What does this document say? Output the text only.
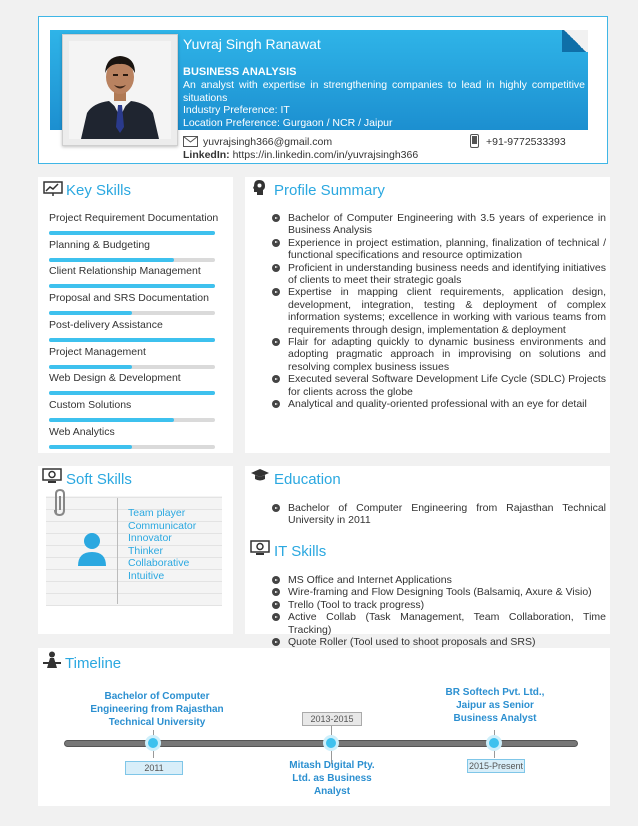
Yuvraj Singh Ranawat
BUSINESS ANALYSIS
An analyst with expertise in strengthening companies to lead in highly competitive situations
Industry Preference: IT
Location Preference: Gurgaon / NCR / Jaipur
yuvrajsingh366@gmail.com	+91-9772533393
LinkedIn: https://in.linkedin.com/in/yuvrajsingh366
Key Skills
Project Requirement Documentation
Planning & Budgeting
Client Relationship Management
Proposal and SRS Documentation
Post-delivery Assistance
Project Management
Web Design & Development
Custom Solutions
Web Analytics
Profile Summary
Bachelor of Computer Engineering with 3.5 years of experience in Business Analysis
Experience in project estimation, planning, finalization of technical / functional specifications and resource optimization
Proficient in understanding business needs and identifying initiatives of clients to meet their strategic goals
Expertise in mapping client requirements, application design, development, integration, testing & deployment of complex information systems; excellence in working with various teams from requirements through design, implementation & deployment
Flair for adapting quickly to dynamic business environments and adopting pragmatic approach in improvising on solutions and resolving complex business issues
Executed several Software Development Life Cycle (SDLC) Projects for clients across the globe
Analytical and quality-oriented professional with an eye for detail
Soft Skills
Team player
Communicator
Innovator
Thinker
Collaborative
Intuitive
Education
Bachelor of Computer Engineering from Rajasthan Technical University in 2011
IT Skills
MS Office and Internet Applications
Wire-framing and Flow Designing Tools (Balsamiq, Axure & Visio)
Trello (Tool to track progress)
Active Collab (Task Management, Team Collaboration, Time Tracking)
Quote Roller (Tool used to shoot proposals and SRS)
Timeline
Bachelor of Computer Engineering from Rajasthan Technical University
2011
2013-2015
Mitash Digital Pty. Ltd. as Business Analyst
BR Softech Pvt. Ltd., Jaipur as Senior Business Analyst
2015-Present
